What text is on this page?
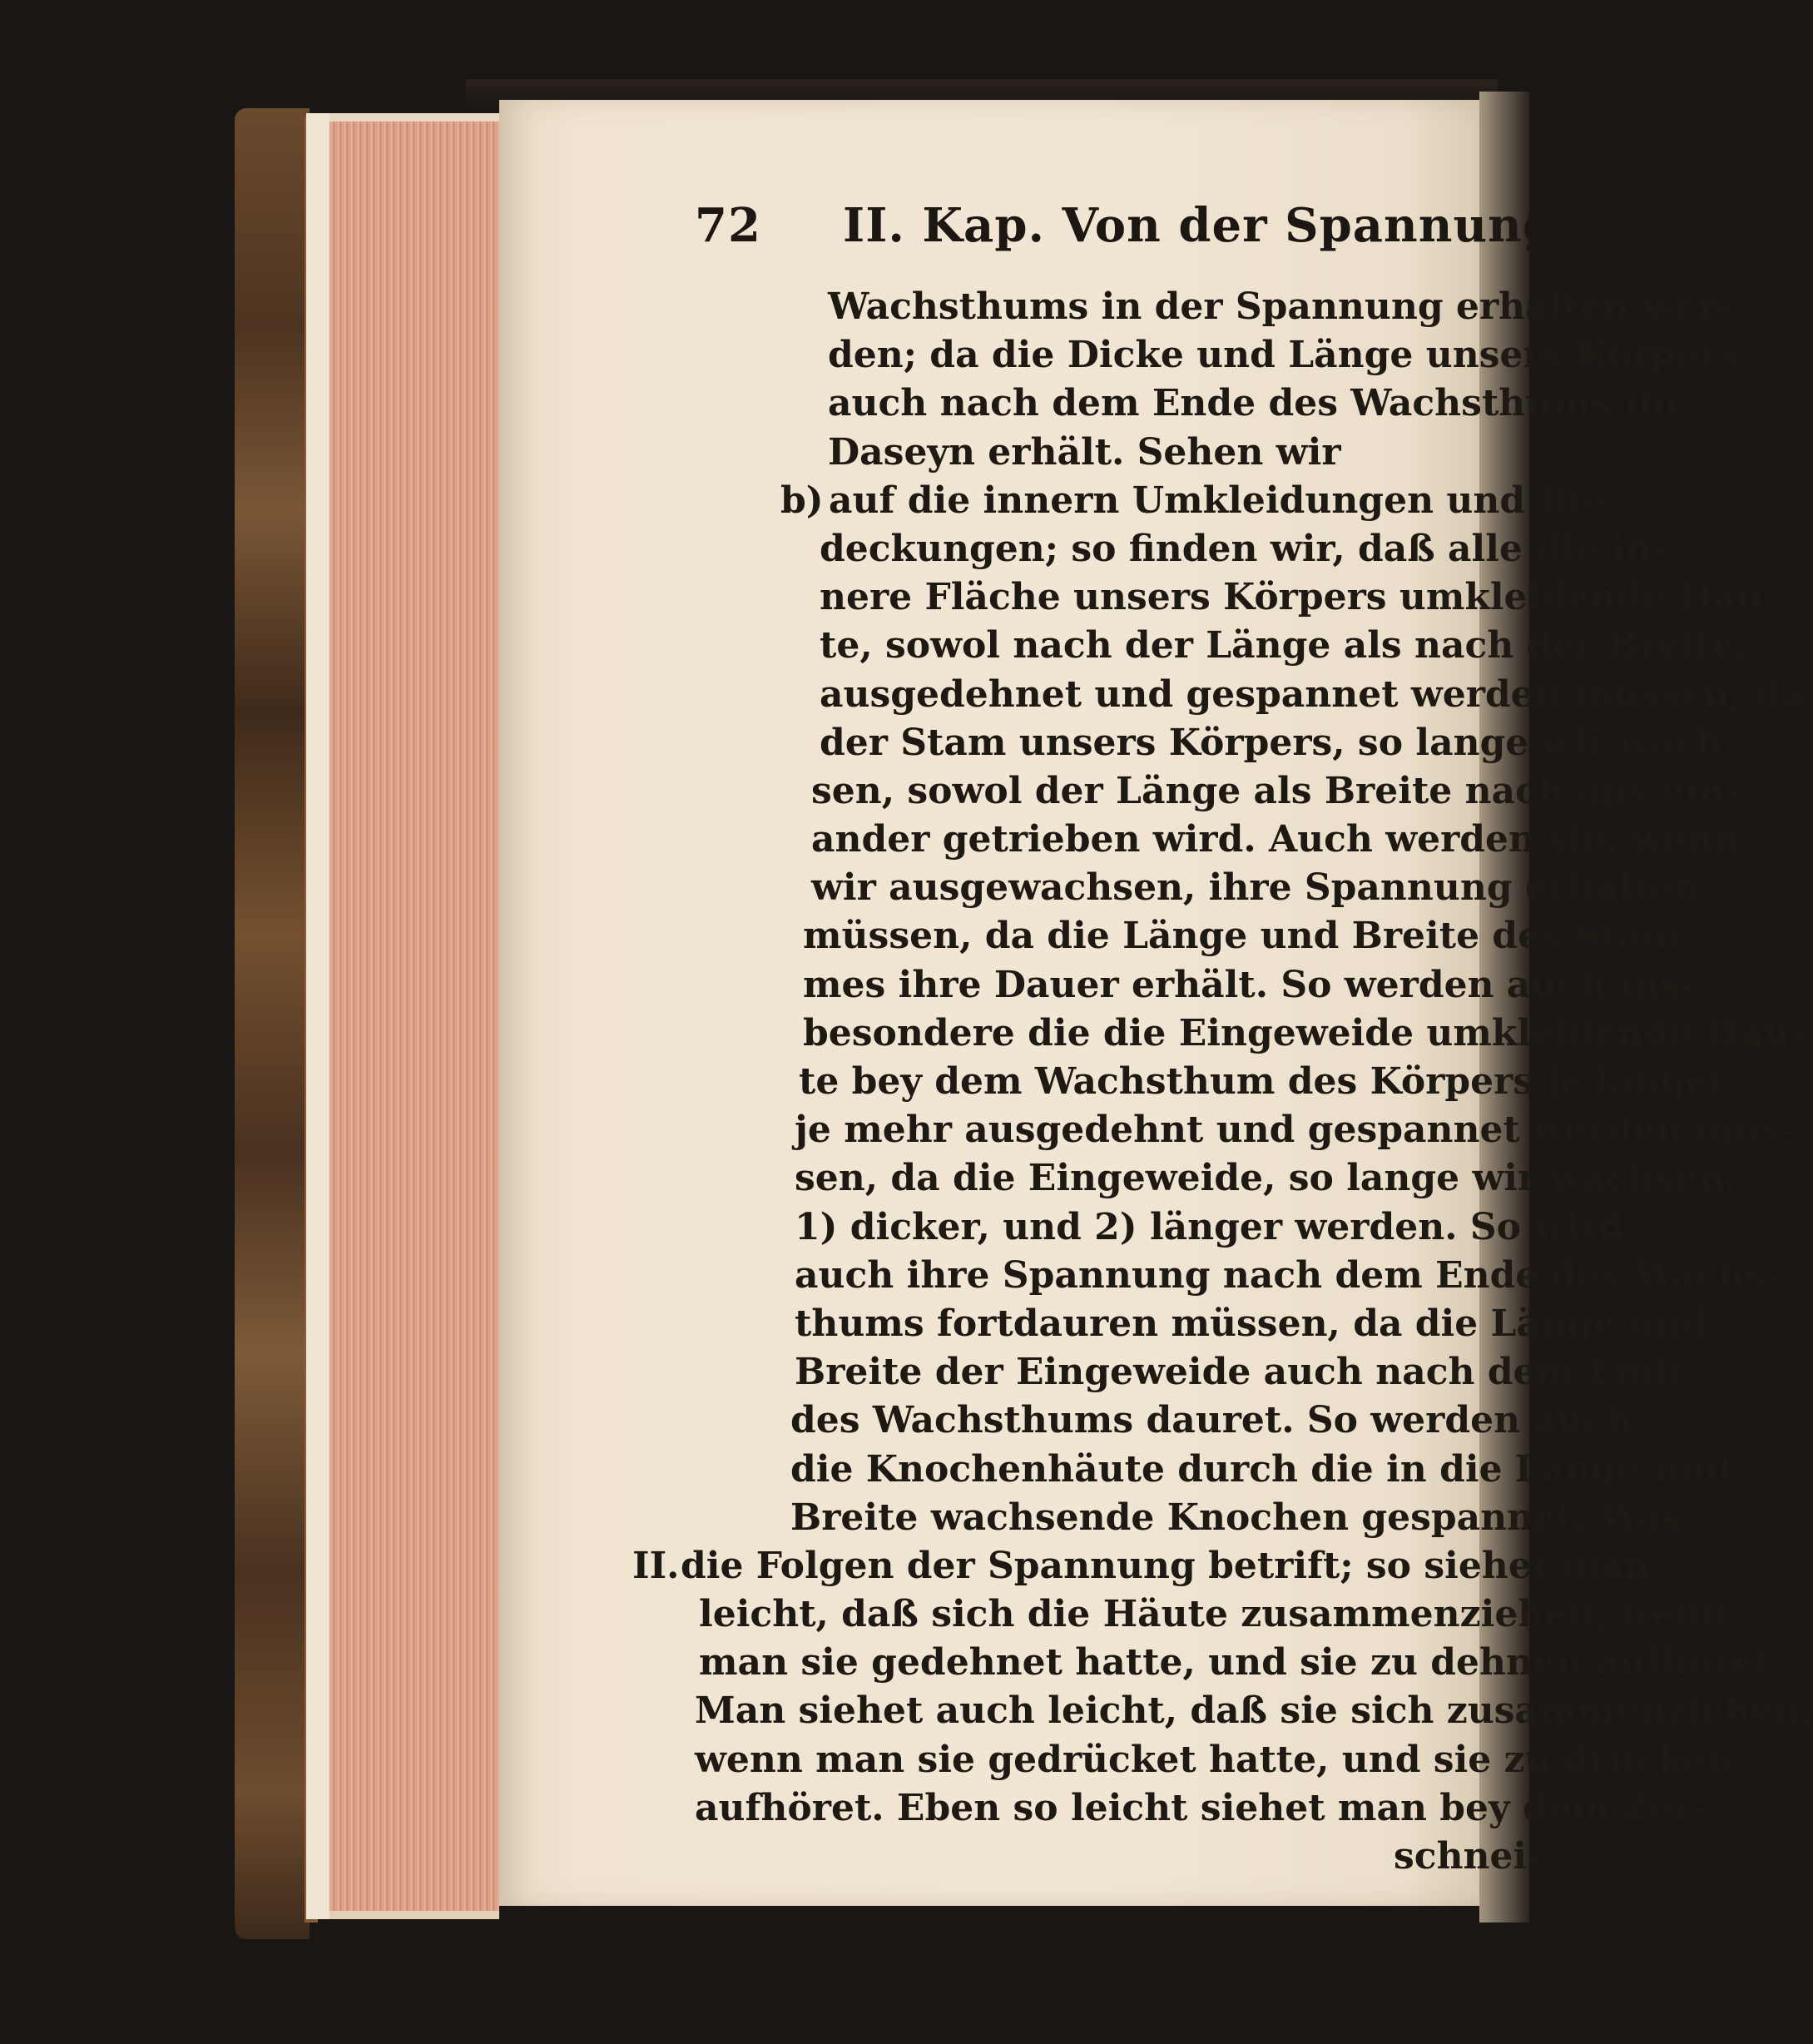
72 II. Kap. Von der Spannung
Wachsthums in der Spannung erhalten wer-
den; da die Dicke und Länge unsers Körpers
auch nach dem Ende des Wachsthums ihr
Daseyn erhält. Sehen wir
b) auf die innern Umkleidungen und Be-
deckungen; so finden wir, daß alle die in-
nere Fläche unsers Körpers umkleidende Häu-
te, sowol nach der Länge als nach der Breite,
ausgedehnet und gespannet werden müssen, da
der Stam unsers Körpers, so lange wir wach-
sen, sowol der Länge als Breite nach aus ein-
ander getrieben wird. Auch werden sie, wenn
wir ausgewachsen, ihre Spannung erhalten
müssen, da die Länge und Breite des Stam-
mes ihre Dauer erhält. So werden auch ins-
besondere die die Eingeweide umkleidende Häu-
te bey dem Wachsthum des Körpers je länger
je mehr ausgedehnt und gespannet werden müs-
sen, da die Eingeweide, so lange wir wachsen,
1) dicker, und 2) länger werden. So wird
auch ihre Spannung nach dem Ende des Wachs-
thums fortdauren müssen, da die Länge und
Breite der Eingeweide auch nach dem Ende
des Wachsthums dauret. So werden auch
die Knochenhäute durch die in die Länge und
Breite wachsende Knochen gespannet. Was
II.die Folgen der Spannung betrift; so siehet man
leicht, daß sich die Häute zusammenziehen, wenn
man sie gedehnet hatte, und sie zu dehnen aufhöret.
Man siehet auch leicht, daß sie sich zusammenziehen,
wenn man sie gedrücket hatte, und sie zu drücken
aufhöret. Eben so leicht siehet man bey dem Zer-
schnei-
